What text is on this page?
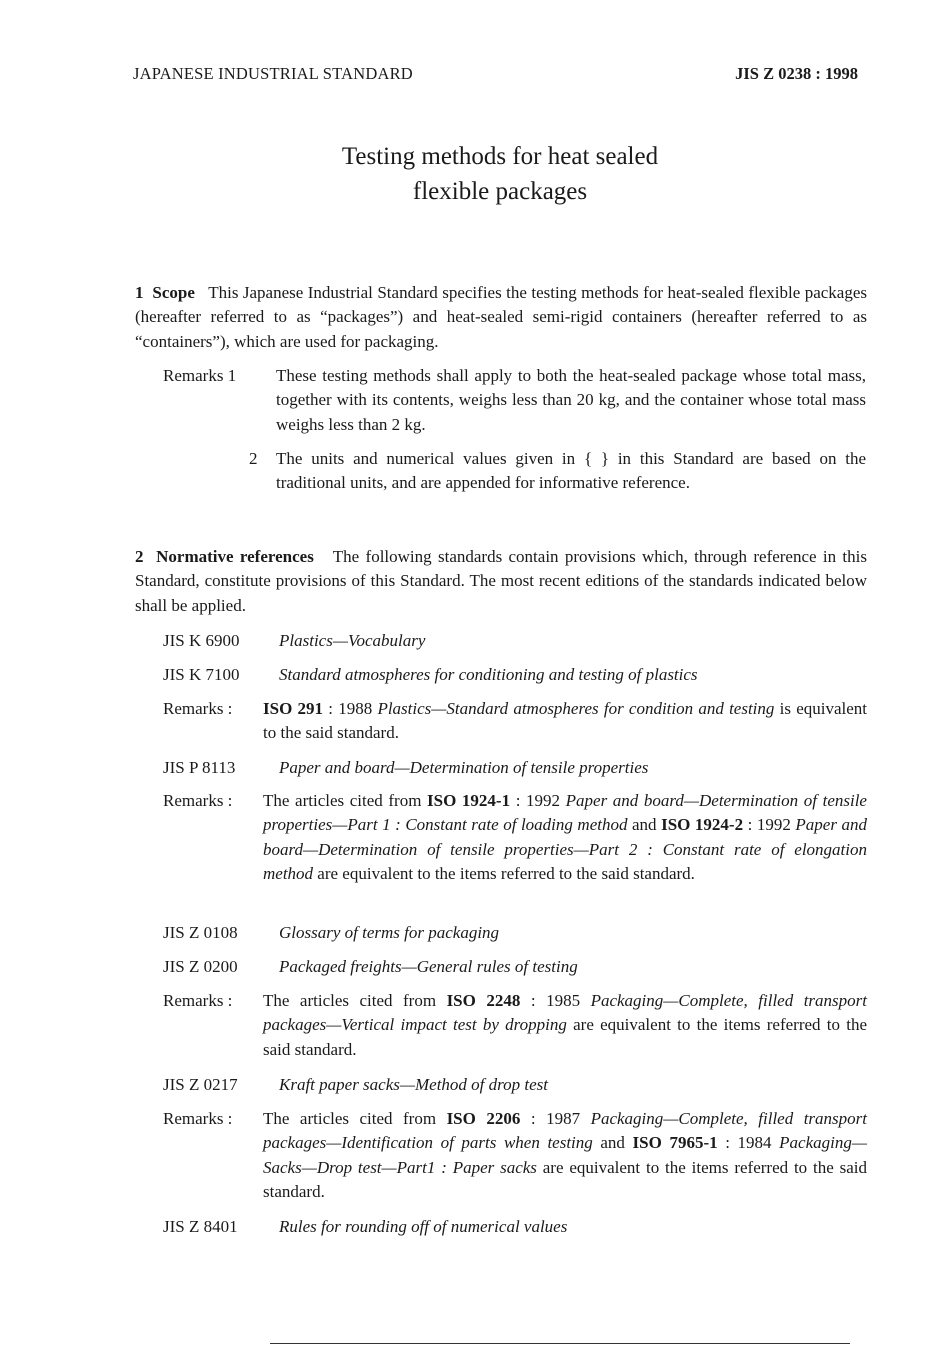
JAPANESE INDUSTRIAL STANDARD	JIS Z 0238 : 1998
Testing methods for heat sealed
flexible packages
1 Scope This Japanese Industrial Standard specifies the testing methods for heat-sealed flexible packages (hereafter referred to as “packages”) and heat-sealed semi-rigid containers (hereafter referred to as “containers”), which are used for packaging.
Remarks 1 These testing methods shall apply to both the heat-sealed package whose total mass, together with its contents, weighs less than 20 kg, and the container whose total mass weighs less than 2 kg.
2 The units and numerical values given in { } in this Standard are based on the traditional units, and are appended for informative reference.
2 Normative references The following standards contain provisions which, through reference in this Standard, constitute provisions of this Standard. The most recent editions of the standards indicated below shall be applied.
JIS K 6900 Plastics—Vocabulary
JIS K 7100 Standard atmospheres for conditioning and testing of plastics
Remarks : ISO 291 : 1988 Plastics—Standard atmospheres for condition and testing is equivalent to the said standard.
JIS P 8113	Paper and board—Determination of tensile properties
Remarks : The articles cited from ISO 1924-1 : 1992 Paper and board—Determination of tensile properties—Part 1 : Constant rate of loading method and ISO 1924-2 : 1992 Paper and board—Determination of tensile properties—Part 2 : Constant rate of elongation method are equivalent to the items referred to the said standard.
JIS Z 0108 Glossary of terms for packaging
JIS Z 0200 Packaged freights—General rules of testing
Remarks : The articles cited from ISO 2248 : 1985 Packaging—Complete, filled transport packages—Vertical impact test by dropping are equivalent to the items referred to the said standard.
JIS Z 0217 Kraft paper sacks—Method of drop test
Remarks : The articles cited from ISO 2206 : 1987 Packaging—Complete, filled transport packages—Identification of parts when testing and ISO 7965-1 : 1984 Packaging—Sacks—Drop test—Part1 : Paper sacks are equivalent to the items referred to the said standard.
JIS Z 8401 Rules for rounding off of numerical values
